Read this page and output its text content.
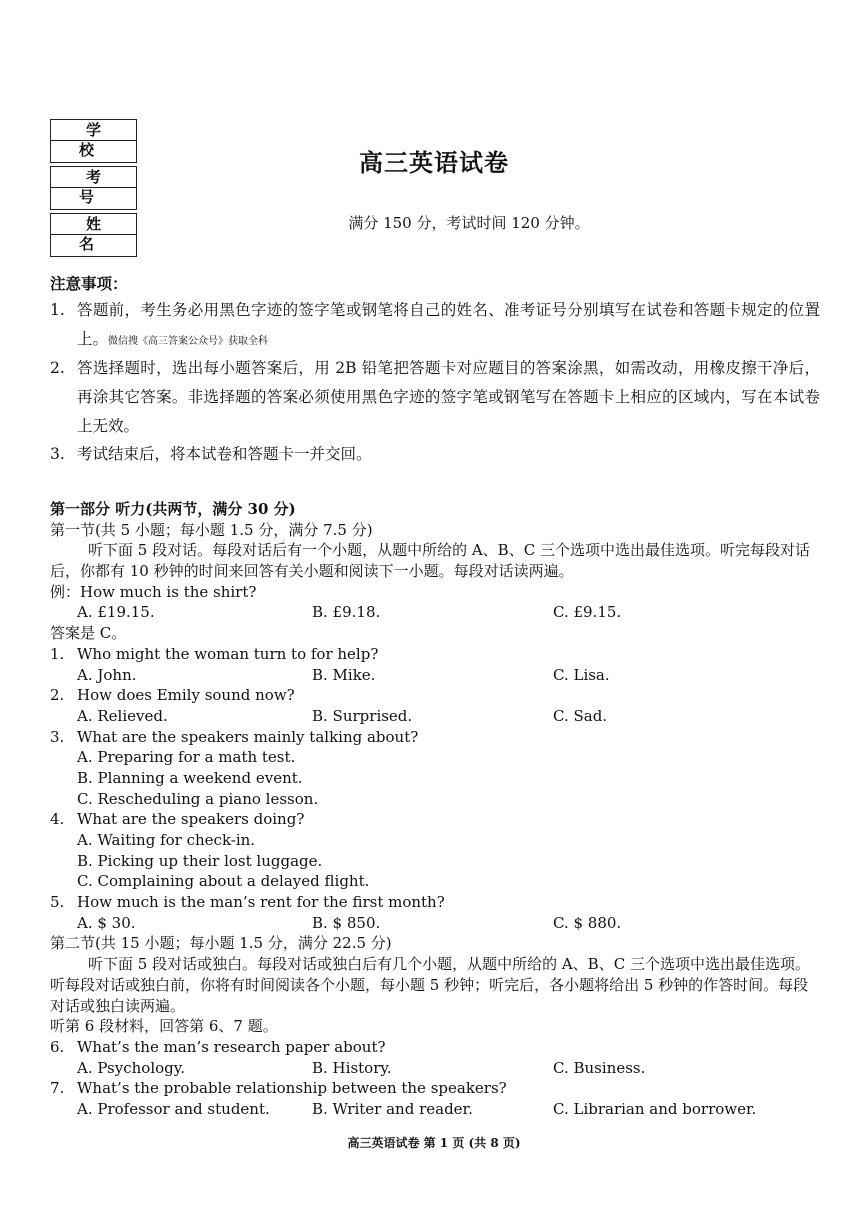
学 校
考 号
姓 名
高三英语试卷
满分 150 分，考试时间 120 分钟。
注意事项：
1. 答题前，考生务必用黑色字迹的签字笔或钢笔将自己的姓名、准考证号分别填写在试卷和答题卡规定的位置上。微信搜《高三答案公众号》获取全科
2. 答选择题时，选出每小题答案后，用 2B 铅笔把答题卡对应题目的答案涂黑，如需改动，用橡皮擦干净后，再涂其它答案。非选择题的答案必须使用黑色字迹的签字笔或钢笔写在答题卡上相应的区域内，写在本试卷上无效。
3. 考试结束后，将本试卷和答题卡一并交回。
第一部分 听力(共两节，满分 30 分)
第一节(共 5 小题；每小题 1.5 分，满分 7.5 分)
听下面 5 段对话。每段对话后有一个小题，从题中所给的 A、B、C 三个选项中选出最佳选项。听完每段对话后，你都有 10 秒钟的时间来回答有关小题和阅读下一小题。每段对话读两遍。
例：How much is the shirt?
A. £19.15.	B. £9.18.	C. £9.15.
答案是 C。
1. Who might the woman turn to for help?
A. John.	B. Mike.	C. Lisa.
2. How does Emily sound now?
A. Relieved.	B. Surprised.	C. Sad.
3. What are the speakers mainly talking about?
A. Preparing for a math test.
B. Planning a weekend event.
C. Rescheduling a piano lesson.
4. What are the speakers doing?
A. Waiting for check-in.
B. Picking up their lost luggage.
C. Complaining about a delayed flight.
5. How much is the man’s rent for the first month?
A. $ 30.	B. $ 850.	C. $ 880.
第二节(共 15 小题；每小题 1.5 分，满分 22.5 分)
听下面 5 段对话或独白。每段对话或独白后有几个小题，从题中所给的 A、B、C 三个选项中选出最佳选项。听每段对话或独白前，你将有时间阅读各个小题，每小题 5 秒钟；听完后，各小题将给出 5 秒钟的作答时间。每段对话或独白读两遍。
听第 6 段材料，回答第 6、7 题。
6. What’s the man’s research paper about?
A. Psychology.	B. History.	C. Business.
7. What’s the probable relationship between the speakers?
A. Professor and student.	B. Writer and reader.	C. Librarian and borrower.
高三英语试卷 第 1 页 (共 8 页)
